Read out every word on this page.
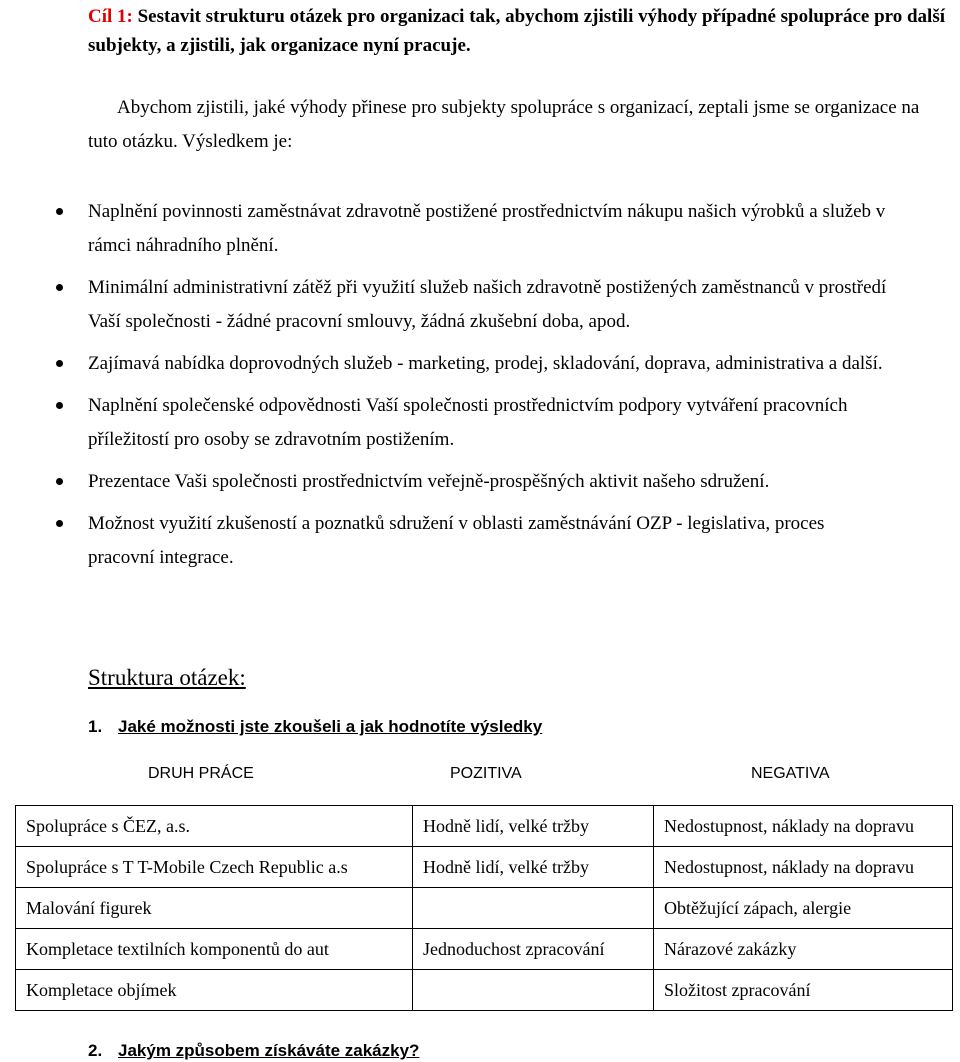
Cíl 1: Sestavit strukturu otázek pro organizaci tak, abychom zjistili výhody případné spolupráce pro další subjekty, a zjistili, jak organizace nyní pracuje.
Abychom zjistili, jaké výhody přinese pro subjekty spolupráce s organizací, zeptali jsme se organizace na tuto otázku. Výsledkem je:
Naplnění povinnosti zaměstnávat zdravotně postižené prostřednictvím nákupu našich výrobků a služeb v rámci náhradního plnění.
Minimální administrativní zátěž při využití služeb našich zdravotně postižených zaměstnanců v prostředí Vaší společnosti - žádné pracovní smlouvy, žádná zkušební doba, apod.
Zajímavá nabídka doprovodných služeb - marketing, prodej, skladování, doprava, administrativa a další.
Naplnění společenské odpovědnosti Vaší společnosti prostřednictvím podpory vytváření pracovních příležitostí pro osoby se zdravotním postižením.
Prezentace Vaši společnosti prostřednictvím veřejně-prospěšných aktivit našeho sdružení.
Možnost využití zkušeností a poznatků sdružení v oblasti zaměstnávání OZP - legislativa, proces pracovní integrace.
Struktura otázek:
1. Jaké možnosti jste zkoušeli a jak hodnotíte výsledky
DRUH PRÁCE	POZITIVA	NEGATIVA
Spolupráce s ČEZ, a.s.	Hodně lidí, velké tržby	Nedostupnost, náklady na dopravu
Spolupráce s T T-Mobile Czech Republic a.s	Hodně lidí, velké tržby	Nedostupnost, náklady na dopravu
Malování figurek		Obtěžující zápach, alergie
Kompletace textilních komponentů do aut	Jednoduchost zpracování	Nárazové zakázky
Kompletace objímek		Složitost zpracování
2. Jakým způsobem získáváte zakázky?
